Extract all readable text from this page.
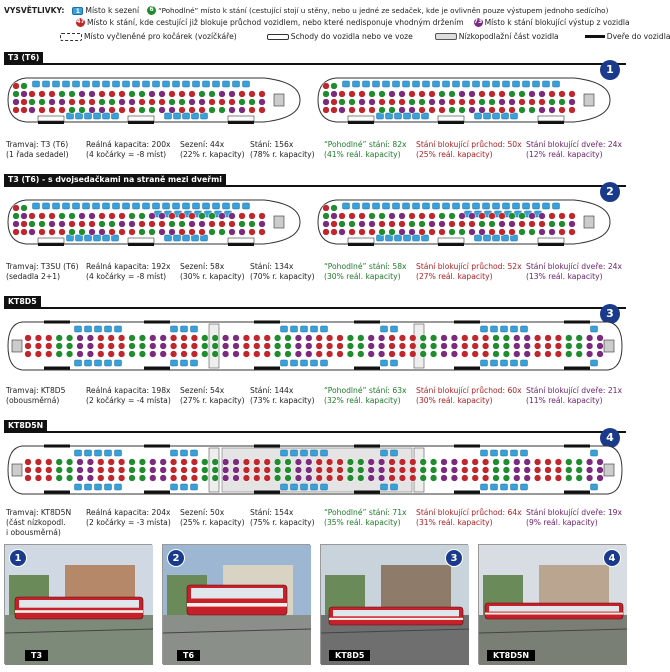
VYSVĚTLIVKY:	1 Místo k sezení	6 “Pohodlné” místo k stání (cestující stojí u stěny, nebo u jedné ze sedaček, kde je ovlivněn pouze výstupem jednoho sedícího)
47 Místo k stání, kde cestující již blokuje průchod vozidlem, nebo které nedisponuje vhodným držením 73 Místo k stání blokující výstup z vozidla
Místo vyčleněné pro kočárek (vozíčkáře)	Schody do vozidla nebo ve voze	Nízkopodlažní část vozidla	Dveře do vozidla
T3 (T6)
1
Tramvaj: T3 (T6)
(1 řada sedadel)
Reálná kapacita: 200x
(4 kočárky = -8 míst)
Sezení: 44x
(22% r. kapacity)
Stání: 156x
(78% r. kapacity)
“Pohodlné” stání: 82x
(41% reál. kapacity)
Stání blokující průchod: 50x
(25% reál. kapacity)
Stání blokující dveře: 24x
(12% reál. kapacity)
T3 (T6) - s dvojsedačkami na straně mezi dveřmi
2
Tramvaj: T3SU (T6)
(sedadla 2+1)
Reálná kapacita: 192x
(4 kočárky = -8 míst)
Sezení: 58x
(30% r. kapacity)
Stání: 134x
(70% r. kapacity)
“Pohodlné” stání: 58x
(30% reál. kapacity)
Stání blokující průchod: 52x
(27% reál. kapacity)
Stání blokující dveře: 24x
(13% reál. kapacity)
KT8D5
3
Tramvaj: KT8D5
(obousměrná)
Reálná kapacita: 198x
(2 kočárky = -4 místa)
Sezení: 54x
(27% r. kapacity)
Stání: 144x
(73% r. kapacity)
“Pohodlné” stání: 63x
(32% reál. kapacity)
Stání blokující průchod: 60x
(30% reál. kapacity)
Stání blokující dveře: 21x
(11% reál. kapacity)
KT8D5N
4
Tramvaj: KT8D5N
(část nízkopodl.
i obousměrná)
Reálná kapacita: 204x
(2 kočárky = -3 místa)
Sezení: 50x
(25% r. kapacity)
Stání: 154x
(75% r. kapacity)
“Pohodlné” stání: 71x
(35% reál. kapacity)
Stání blokující průchod: 64x
(31% reál. kapacity)
Stání blokující dveře: 19x
(9% reál. kapacity)
1
T3
2
T6
3
KT8D5
4
KT8D5N
